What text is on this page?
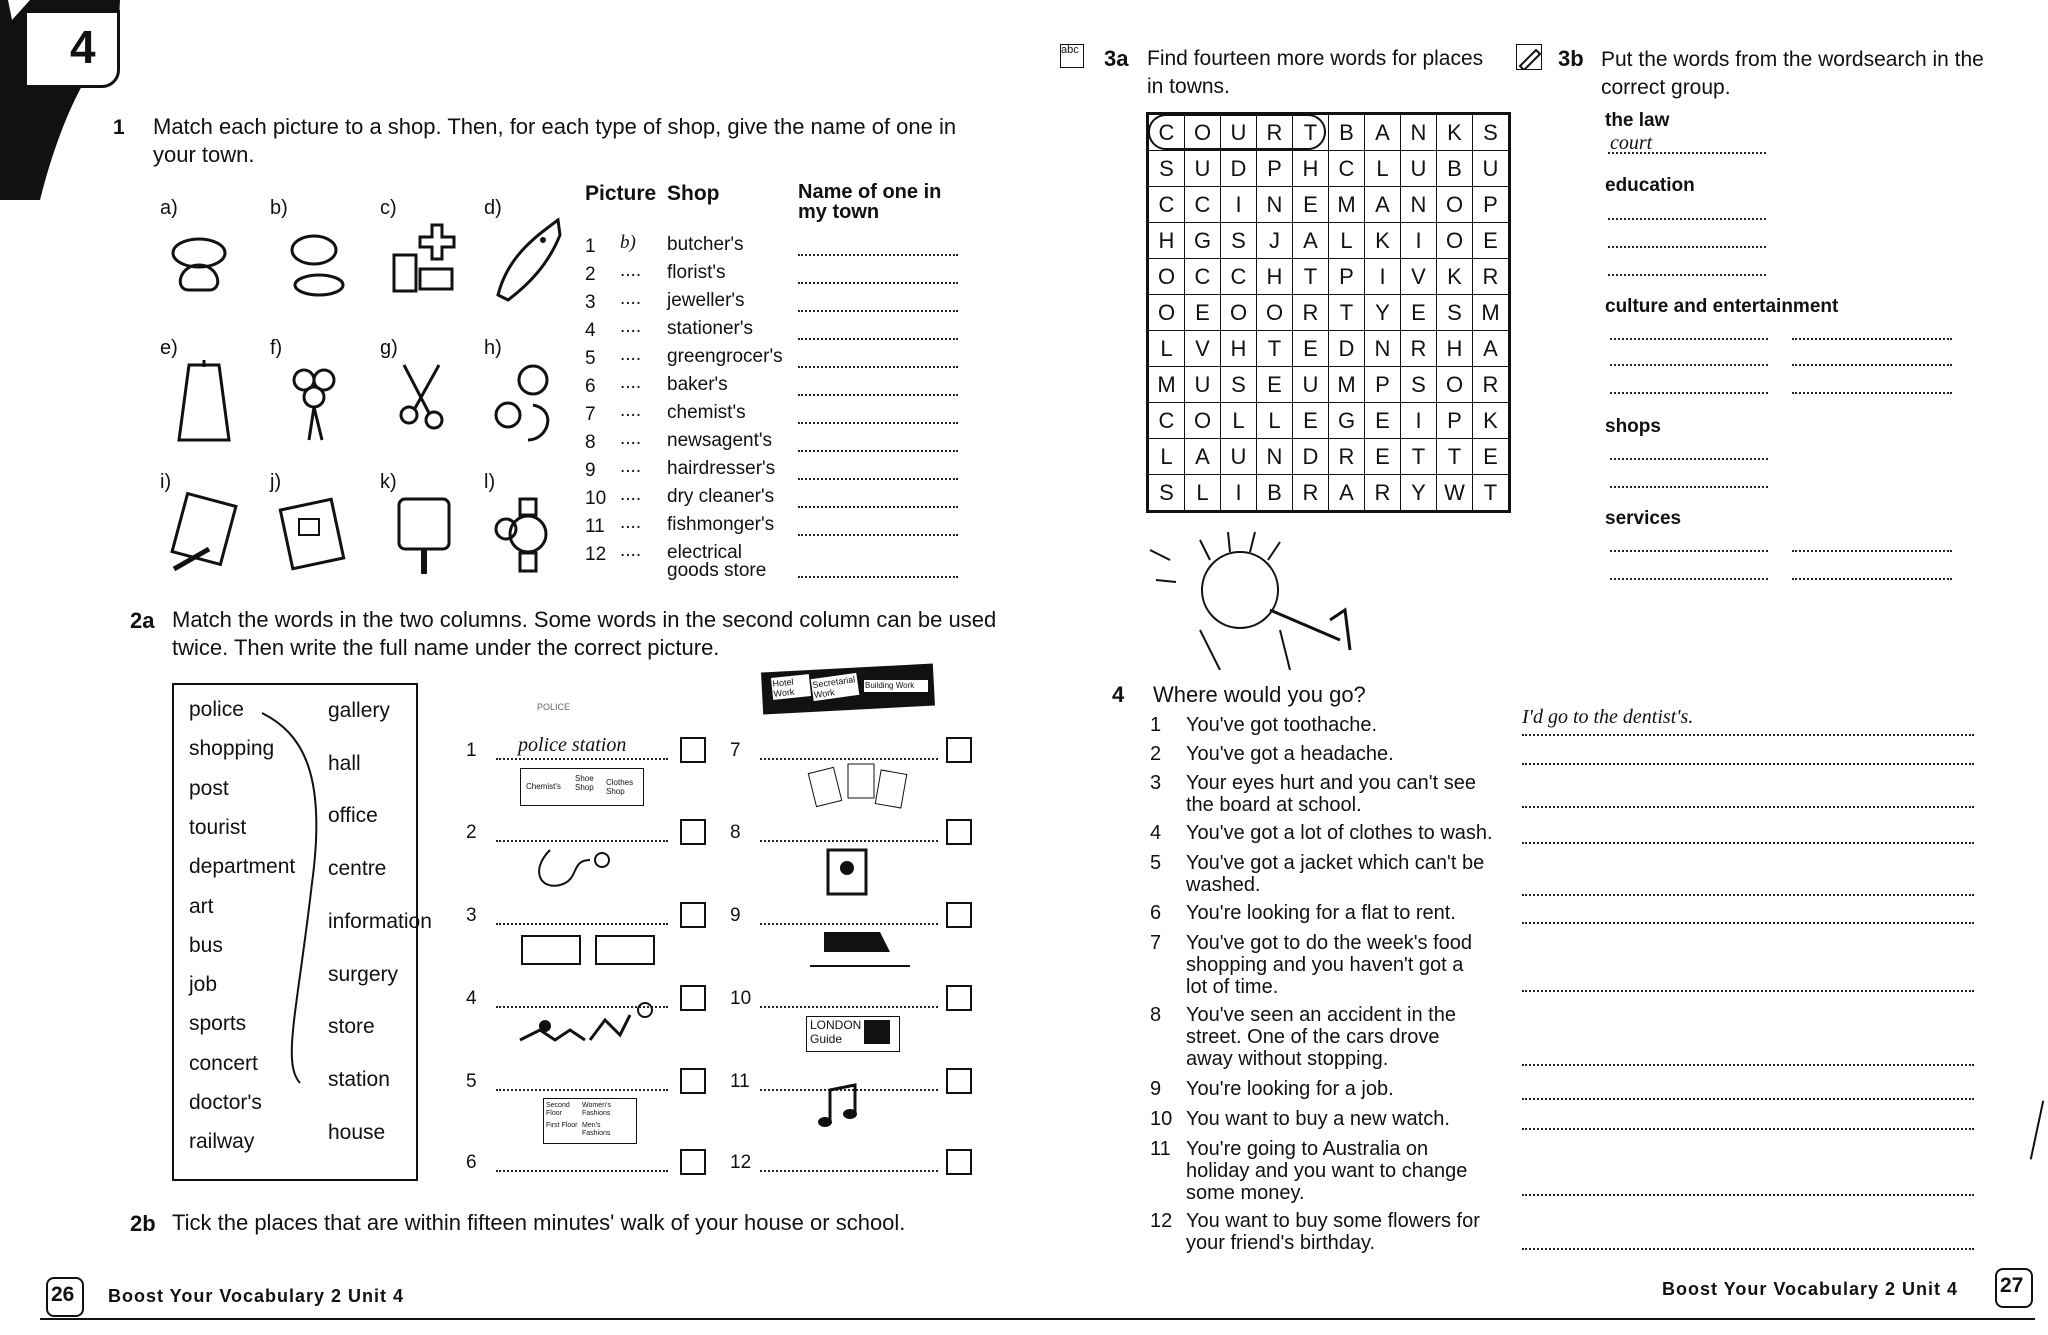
4
1 Match each picture to a shop. Then, for each type of shop, give the name of one in your town.
a)	b)	c)	d)
e)	f)	g)	h)
i)	j)	k)	l)
Picture Shop	Name of one in my town
1 b) butcher's
2 .... florist's
3 .... jeweller's
4 .... stationer's
5 .... greengrocer's
6 .... baker's
7 .... chemist's
8 .... newsagent's
9 .... hairdresser's
10 .... dry cleaner's
11 .... fishmonger's
12 .... electrical goods store
2a Match the words in the two columns. Some words in the second column can be used twice. Then write the full name under the correct picture.
police
shopping
post
tourist
department
art
bus
job
sports
concert
doctor's
railway
gallery
hall
office
centre
information
surgery
store
station
house
1 police station
2
3
4
5
6
7
8
9
10
11
12
POLICE
Hotel Work
Secretarial Work
Building Work
Chemist's
Shoe Shop
Clothes Shop
LONDON Guide
Second Floor
Women's Fashions
First Floor Men's Fashions
2b Tick the places that are within fifteen minutes' walk of your house or school.
26 Boost Your Vocabulary 2 Unit 4
abc 3a Find fourteen more words for places in towns.
C	O	U	R	T	B	A	N	K	S
S	U	D	P	H	C	L	U	B	U
C	C	I	N	E	M	A	N	O	P
H	G	S	J	A	L	K	I	O	E
O	C	C	H	T	P	I	V	K	R
O	E	O	O	R	T	Y	E	S	M
L	V	H	T	E	D	N	R	H	A
M	U	S	E	U	M	P	S	O	R
C	O	L	L	E	G	E	I	P	K
L	A	U	N	D	R	E	T	T	E
S	L	I	B	R	A	R	Y	W	T
3b Put the words from the wordsearch in the correct group.
the law
court
education
culture and entertainment
shops
services
4 Where would you go?
I'd go to the dentist's.
1	You've got toothache.
2	You've got a headache.
3	Your eyes hurt and you can't see the board at school.
4	You've got a lot of clothes to wash.
5	You've got a jacket which can't be washed.
6	You're looking for a flat to rent.
7	You've got to do the week's food shopping and you haven't got a lot of time.
8	You've seen an accident in the street. One of the cars drove away without stopping.
9	You're looking for a job.
10 You want to buy a new watch.
11 You're going to Australia on holiday and you want to change some money.
12 You want to buy some flowers for your friend's birthday.
Boost Your Vocabulary 2 Unit 4 27
